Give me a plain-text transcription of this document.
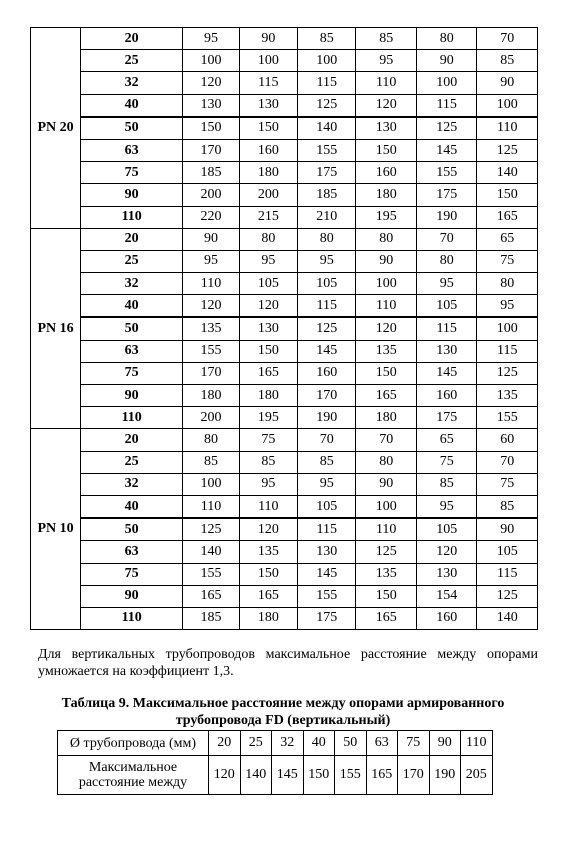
PN 20	20	95	90	85	85	80	70
	25	100	100	100	95	90	85
	32	120	115	115	110	100	90
	40	130	130	125	120	115	100
	50	150	150	140	130	125	110
	63	170	160	155	150	145	125
	75	185	180	175	160	155	140
	90	200	200	185	180	175	150
	110	220	215	210	195	190	165
PN 16	20	90	80	80	80	70	65
	25	95	95	95	90	80	75
	32	110	105	105	100	95	80
	40	120	120	115	110	105	95
	50	135	130	125	120	115	100
	63	155	150	145	135	130	115
	75	170	165	160	150	145	125
	90	180	180	170	165	160	135
	110	200	195	190	180	175	155
PN 10	20	80	75	70	70	65	60
	25	85	85	85	80	75	70
	32	100	95	95	90	85	75
	40	110	110	105	100	95	85
	50	125	120	115	110	105	90
	63	140	135	130	125	120	105
	75	155	150	145	135	130	115
	90	165	165	155	150	154	125
	110	185	180	175	165	160	140
Для вертикальных трубопроводов максимальное расстояние между опорами умножается на коэффициент 1,3.
Таблица 9. Максимальное расстояние между опорами армированного трубопровода FD (вертикальный)
Ø трубопровода (мм)	20	25	32	40	50	63	75	90	110
Максимальное расстояние между	120	140	145	150	155	165	170	190	205
